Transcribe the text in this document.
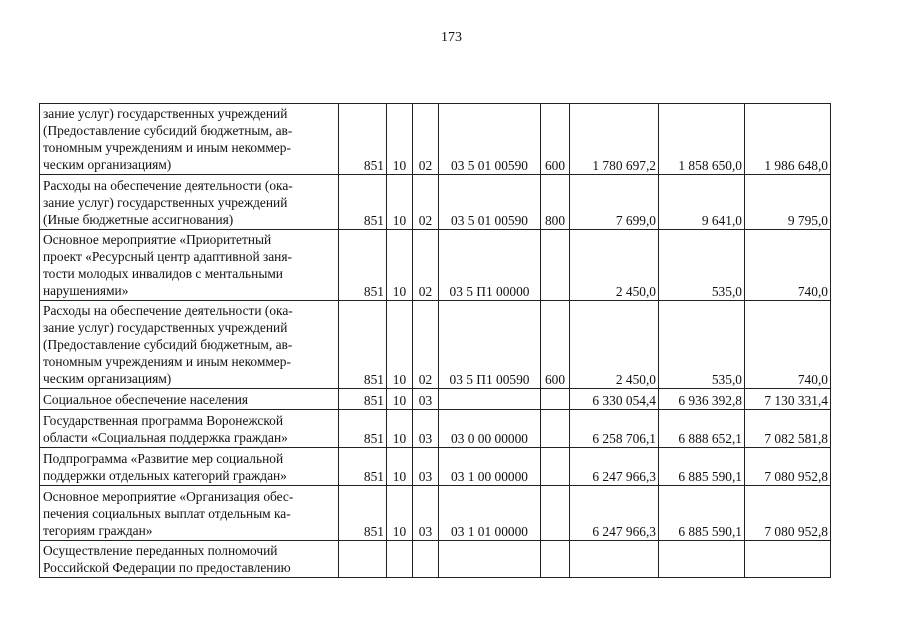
173
зание услуг) государственных учреждений
(Предоставление субсидий бюджетным, ав-
тономным учреждениям и иным некоммер-
ческим организациям)	851	10	02	03 5 01 00590	600	1 780 697,2	1 858 650,0	1 986 648,0

Расходы на обеспечение деятельности (ока-
зание услуг) государственных учреждений
(Иные бюджетные ассигнования)	851	10	02	03 5 01 00590	800	7 699,0	9 641,0	9 795,0

Основное мероприятие «Приоритетный
проект «Ресурсный центр адаптивной заня-
тости молодых инвалидов с ментальными
нарушениями»	851	10	02	03 5 П1 00000		2 450,0	535,0	740,0

Расходы на обеспечение деятельности (ока-
зание услуг) государственных учреждений
(Предоставление субсидий бюджетным, ав-
тономным учреждениям и иным некоммер-
ческим организациям)	851	10	02	03 5 П1 00590	600	2 450,0	535,0	740,0

Социальное обеспечение населения	851	10	03			6 330 054,4	6 936 392,8	7 130 331,4

Государственная программа Воронежской
области «Социальная поддержка граждан»	851	10	03	03 0 00 00000		6 258 706,1	6 888 652,1	7 082 581,8

Подпрограмма «Развитие мер социальной
поддержки отдельных категорий граждан»	851	10	03	03 1 00 00000		6 247 966,3	6 885 590,1	7 080 952,8

Основное мероприятие «Организация обес-
печения социальных выплат отдельным ка-
тегориям граждан»	851	10	03	03 1 01 00000		6 247 966,3	6 885 590,1	7 080 952,8

Осуществление переданных полномочий
Российской Федерации по предоставлению								
